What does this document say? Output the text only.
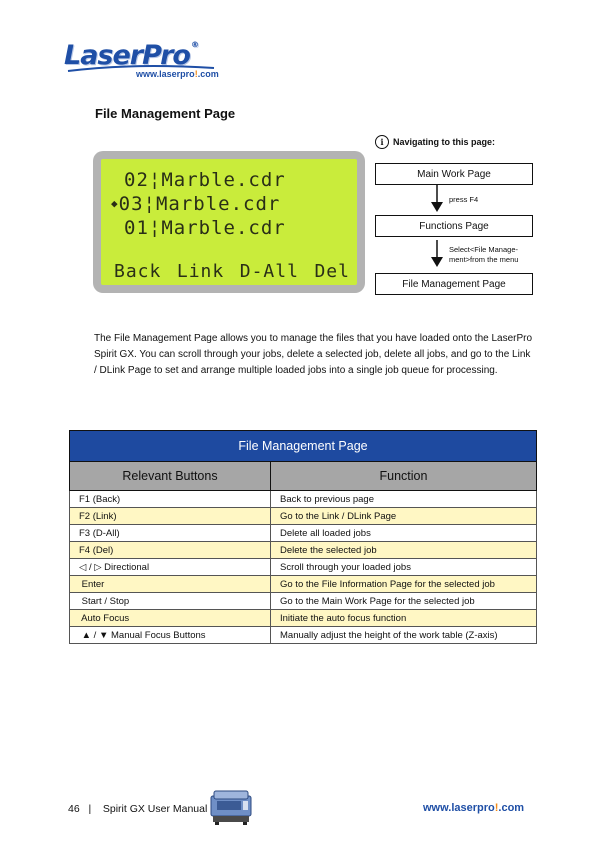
LaserPro®
www.laserpro!.com
File Management Page
02¦Marble.cdr
◆03¦Marble.cdr
01¦Marble.cdr
Back Link D-All Del
i	Navigating to this page:
Main Work Page
press F4
Functions Page
Select<File Manage-
ment>from the menu
File Management Page

The File Management Page allows you to manage the files that you have loaded onto the LaserPro Spirit GX. You can scroll through your jobs, delete a selected job, delete all jobs, and go to the Link / DLink Page to set and arrange multiple loaded jobs into a single job queue for processing.

File Management Page	
Relevant Buttons	Function
F1 (Back)	Back to previous page
F2 (Link)	Go to the Link / DLink Page
F3 (D-All)	Delete all loaded jobs
F4 (Del)	Delete the selected job
◁ / ▷ Directional	Scroll through your loaded jobs
Enter	Go to the File Information Page for the selected job
Start / Stop	Go to the Main Work Page for the selected job
Auto Focus	Initiate the auto focus function
▲ / ▼ Manual Focus Buttons	Manually adjust the height of the work table (Z-axis)
46 | Spirit GX User Manual	www.laserpro!.com
